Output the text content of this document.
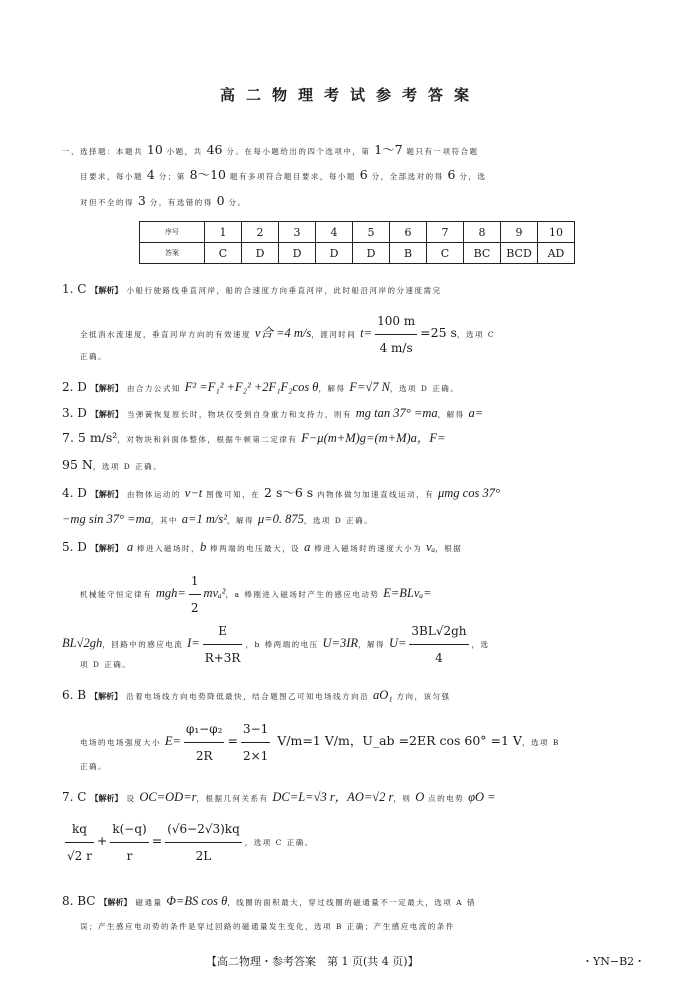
高二物理考试参考答案
一、选择题：本题共 10 小题，共 46 分。在每小题给出的四个选项中，第 1～7 题只有一项符合题
目要求，每小题 4 分；第 8～10 题有多项符合题目要求，每小题 6 分，全部选对的得 6 分，选
对但不全的得 3 分，有选错的得 0 分。
序号	1	2	3	4	5	6	7	8	9	10
答案	C	D	D	D	D	B	C	BC	BCD	AD
1. C 【解析】 小船行驶路线垂直河岸，船的合速度方向垂直河岸，此时船沿河岸的分速度需完
全抵消水流速度，垂直河岸方向的有效速度 v合 =4 m/s，渡河时间 $t= \frac{100 m}{4 m/s} =25$ s，选项 C
正确。
2. D 【解析】 由合力公式知 F² =F₁² +F₂² +2F₁F₂cos θ，解得 F=√7 N，选项 D 正确。
3. D 【解析】 当弹簧恢复原长时，物块仅受到自身重力和支持力，则有 mg tan 37° =ma，解得 a=
7. 5 m/s²，对物块和斜面体整体，根据牛顿第二定律有 F−μ(m+M)g=(m+M)a，F=
95 N，选项 D 正确。
4. D 【解析】 由物体运动的 v−t 图像可知，在 2 s～6 s 内物体做匀加速直线运动，有 μmg cos 37°
−mg sin 37° =ma，其中 a=1 m/s²，解得 μ=0. 875，选项 D 正确。
5. D 【解析】 a 棒进入磁场时，b 棒两端的电压最大，设 a 棒进入磁场时的速度大小为 vₐ，根据
机械能守恒定律有 $mgh= \frac{1}{2} mv_a^2$，a 棒刚进入磁场时产生的感应电动势 E=BLvₐ=
BL√2gh，回路中的感应电流 $I= \frac{E}{R+3R}$ ，b 棒两端的电压 U=3IR，解得 $U= \frac{3BL√2gh}{4}$ ，选
项 D 正确。
6. B 【解析】 沿着电场线方向电势降低最快，结合题图乙可知电场线方向沿 aO₁ 方向，该匀强
电场的电场强度大小 $E= \frac{\text{φ₁−φ₂}}{2R} = \frac{3-1}{2\times 1} V/m=1$ V/m，U_ab =2ER cos 60° =1 V，选项 B
正确。
7. C 【解析】 设 OC=OD=r，根据几何关系有 DC=L=√3 r，AO=√2 r，则 O 点的电势 φO =
$\frac{kq}{√2 r} + \frac{k(-q)}{r} = \frac{(√6-2√3)kq}{2L}$ ，选项 C 正确。
8. BC 【解析】 磁通量 Φ=BS cos θ，线圈的面积最大，穿过线圈的磁通量不一定最大，选项 A 错
误；产生感应电动势的条件是穿过回路的磁通量发生变化，选项 B 正确；产生感应电流的条件
【高二物理・参考答案　第 1 页(共 4 页)】	・YN−B2・
